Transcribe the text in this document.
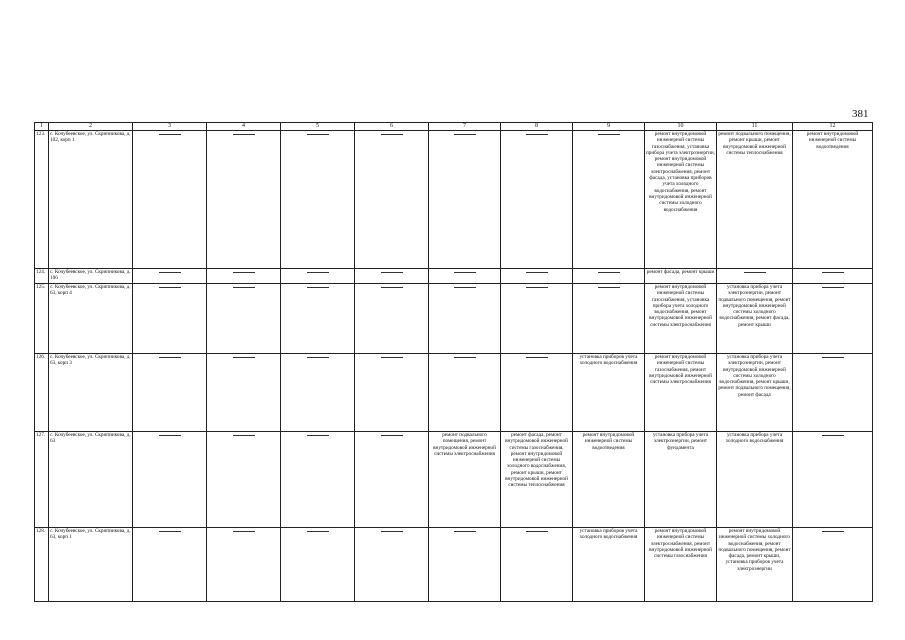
381
1	2	3	4	5	6	7	8	9	10	11	12
123.	с. Кочубеевское, ул. Скрипникова, д. 102, корп 1								ремонт внутридомовой инженерной системы газоснабжения, установка прибора учета электроэнергии, ремонт внутридомовой инженерной системы электроснабжения, ремонт фасада, установка приборов учета холодного водоснабжения, ремонт внутридомовой инженерной системы холодного водоснабжения	ремонт подвального помещения, ремонт крыши, ремонт внутридомовой инженерной системы теплоснабжения	ремонт внутридомовой инженерной системы водоотведения
124.	с. Кочубеевское, ул. Скрипникова, д. 106								ремонт фасада, ремонт крыши		
125.	с. Кочубеевское, ул. Скрипникова, д. 63, корп 4								ремонт внутридомовой инженерной системы газоснабжения, установка прибора учета холодного водоснабжения, ремонт внутридомовой инженерной системы электроснабжения	установка прибора учета электроэнергии, ремонт подвального помещения, ремонт внутридомовой инженерной системы холодного водоснабжения, ремонт фасада, ремонт крыши	
126.	с. Кочубеевское, ул. Скрипникова, д. 63, корп 3							установка приборов учета холодного водоснабжения	ремонт внутридомовой инженерной системы газоснабжения, ремонт внутридомовой инженерной системы электроснабжения	установка прибора учета электроэнергии, ремонт внутридомовой инженерной системы холодного водоснабжения, ремонт крыши, ремонт подвального помещения, ремонт фасада	
127.	с. Кочубеевское, ул. Скрипникова, д. 63					ремонт подвального помещения, ремонт внутридомовой инженерной системы электроснабжения	ремонт фасада, ремонт внутридомовой инженерной системы газоснабжения, ремонт внутридомовой инженерной системы холодного водоснабжения, ремонт крыши, ремонт внутридомовой инженерной системы теплоснабжения	ремонт внутридомовой инженерной системы водоотведения	установка прибора учета электроэнергии, ремонт фундамента	установка прибора учета холодного водоснабжения	
128.	с. Кочубеевское, ул. Скрипникова, д. 63, корп 1							установка приборов учета холодного водоснабжения	ремонт внутридомовой инженерной системы электроснабжения, ремонт внутридомовой инженерной системы газоснабжения	ремонт внутридомовой инженерной системы холодного водоснабжения, ремонт подвального помещения, ремонт фасада, ремонт крыши, установка приборов учета электроэнергии	
